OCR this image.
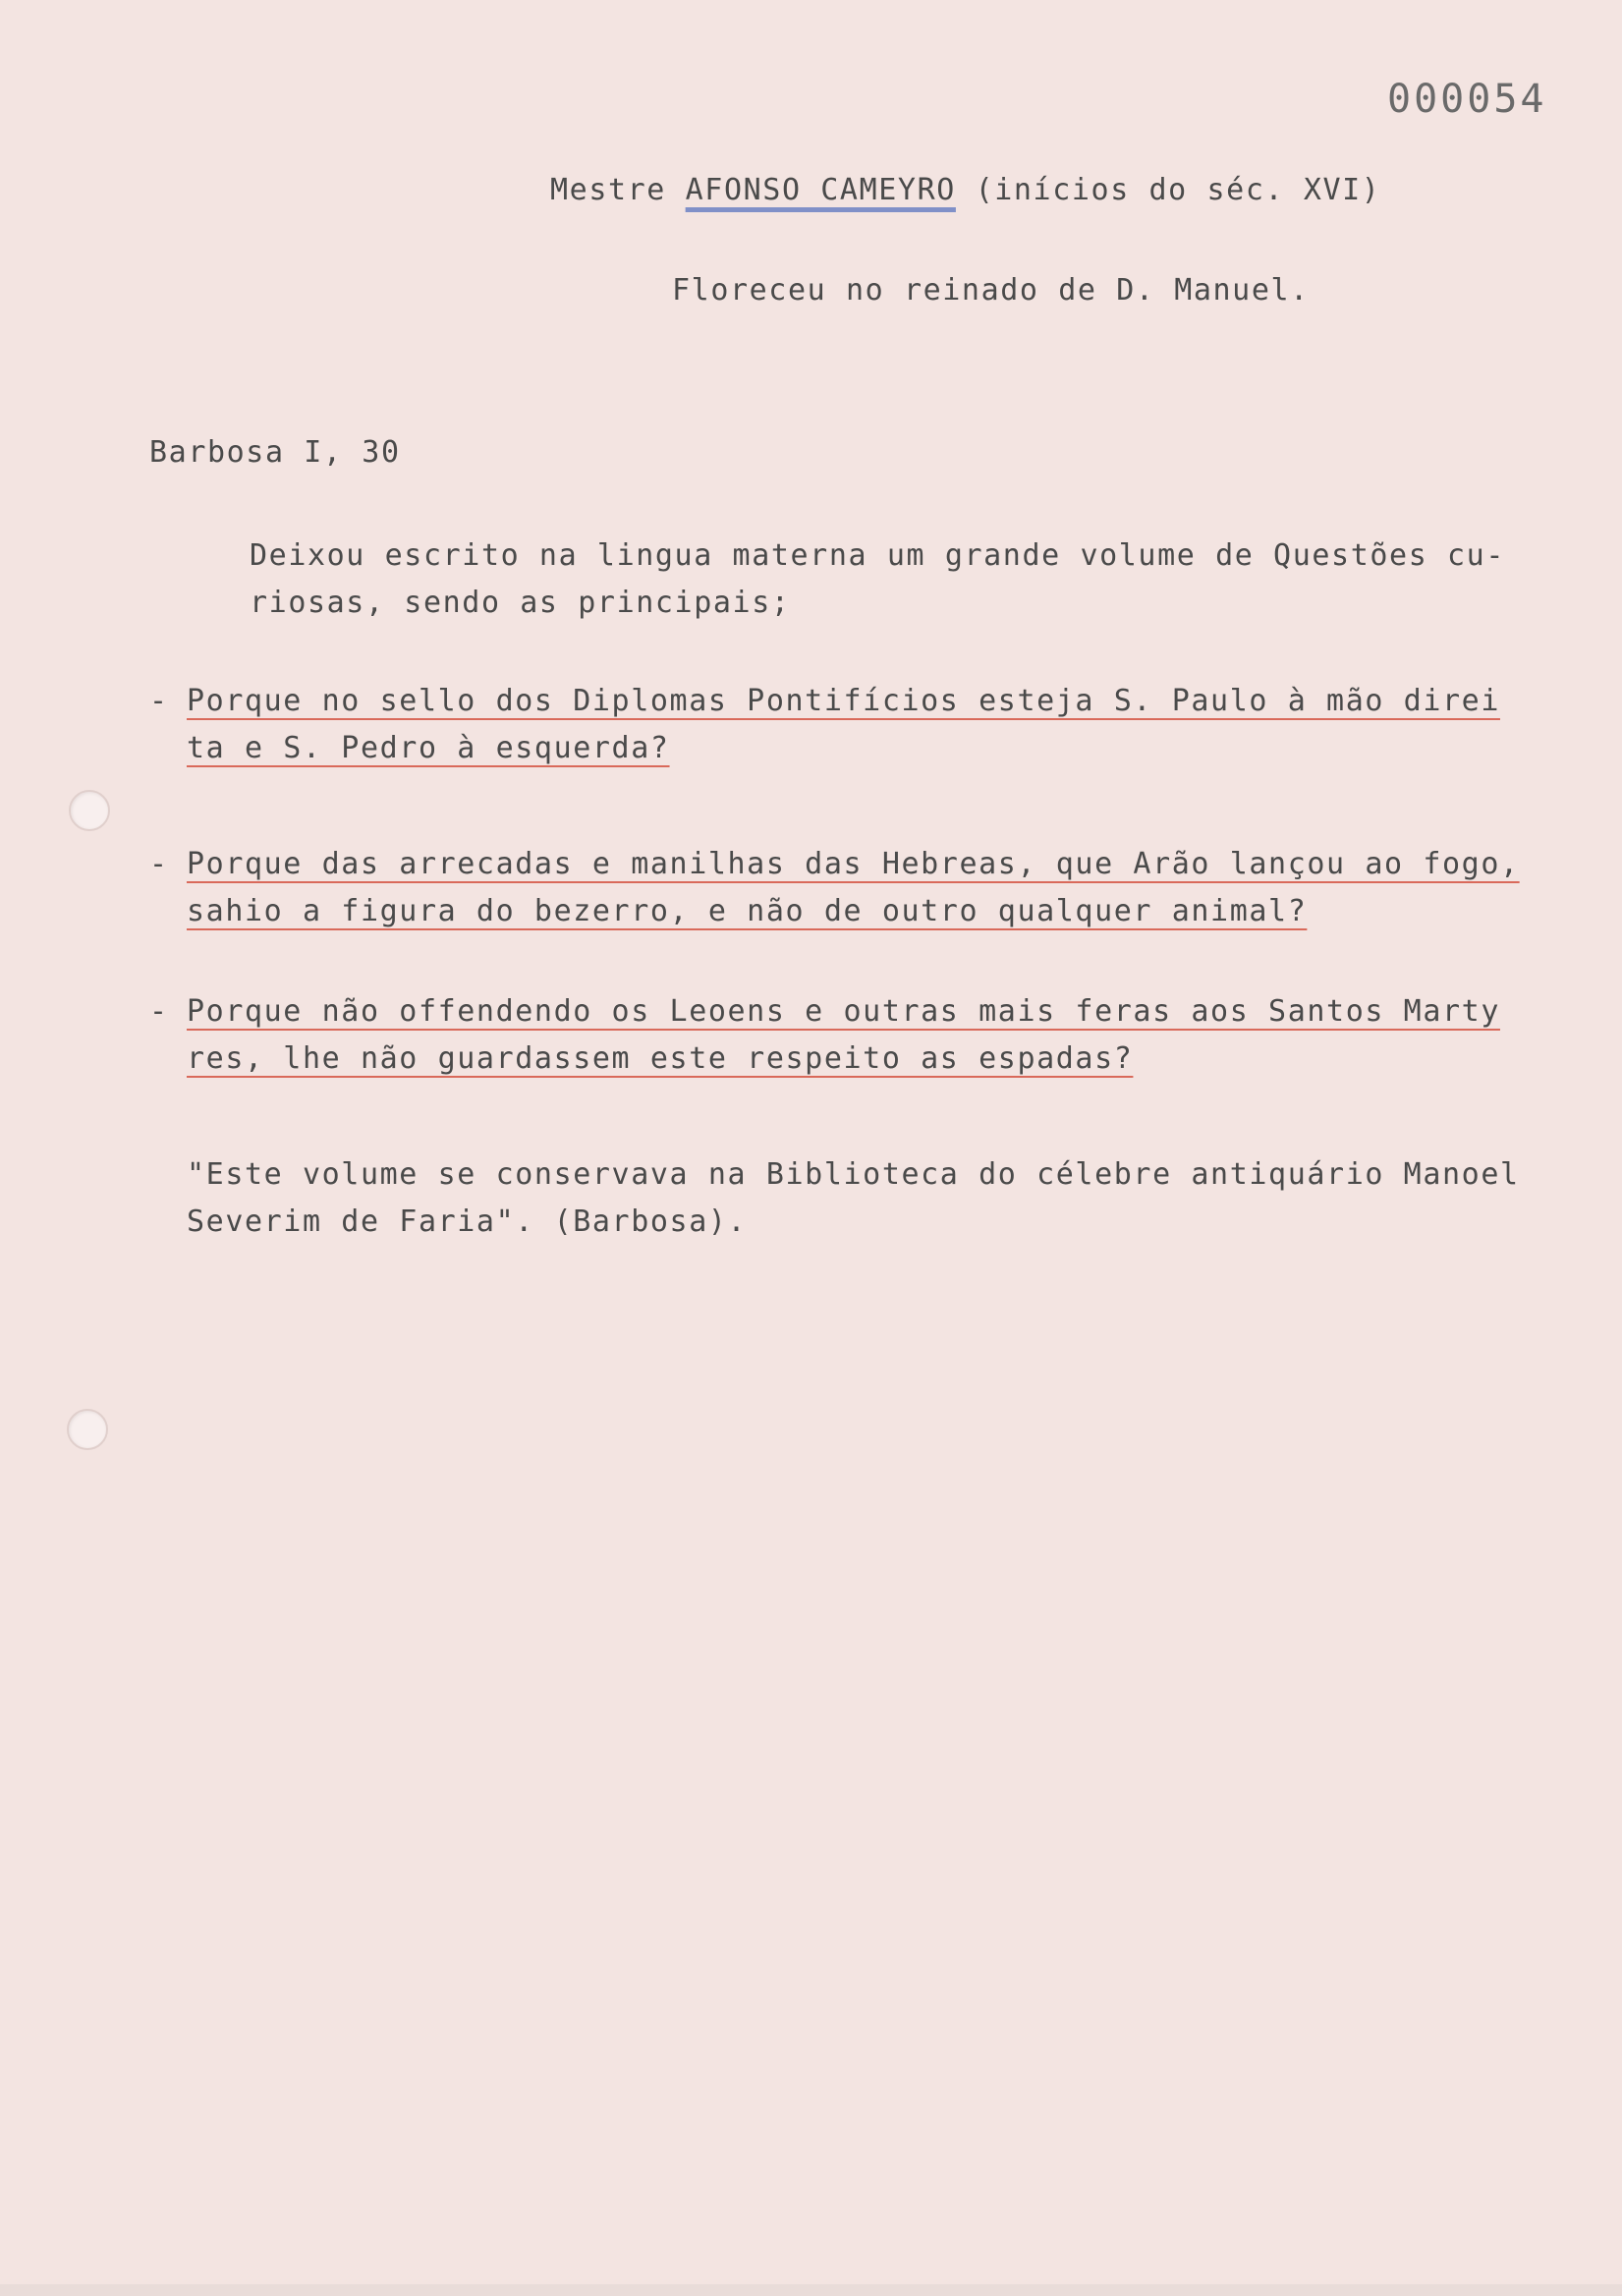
000054
Mestre AFONSO CAMEYRO (inícios do séc. XVI)
Floreceu no reinado de D. Manuel.
Barbosa I, 30
Deixou escrito na lingua materna um grande volume de Questões cu-
riosas, sendo as principais;
- Porque no sello dos Diplomas Pontifícios esteja S. Paulo à mão direi
ta e S. Pedro à esquerda?
- Porque das arrecadas e manilhas das Hebreas, que Arão lançou ao fogo,
sahio a figura do bezerro, e não de outro qualquer animal?
- Porque não offendendo os Leoens e outras mais feras aos Santos Marty
res, lhe não guardassem este respeito as espadas?
"Este volume se conservava na Biblioteca do célebre antiquário Manoel
Severim de Faria". (Barbosa).
